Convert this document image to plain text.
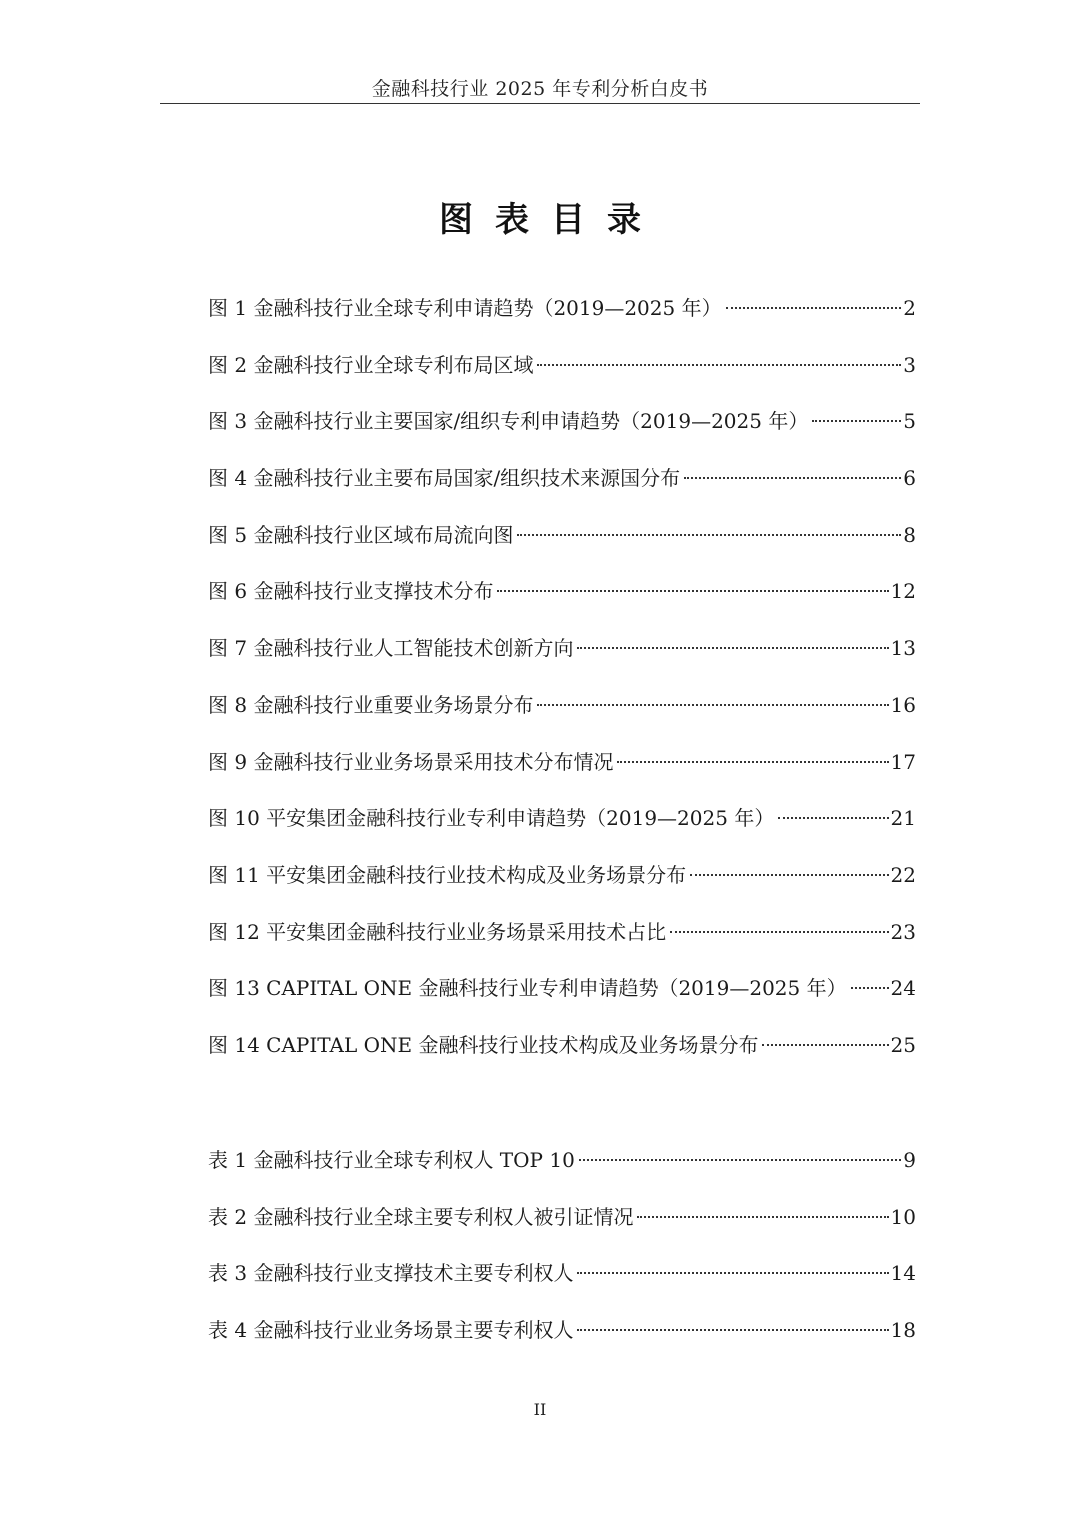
金融科技行业 2025 年专利分析白皮书
图表目录
图 1 金融科技行业全球专利申请趋势（2019—2025 年）	2
图 2 金融科技行业全球专利布局区域	3
图 3 金融科技行业主要国家/组织专利申请趋势（2019—2025 年）	5
图 4 金融科技行业主要布局国家/组织技术来源国分布	6
图 5 金融科技行业区域布局流向图	8
图 6 金融科技行业支撑技术分布	12
图 7 金融科技行业人工智能技术创新方向	13
图 8 金融科技行业重要业务场景分布	16
图 9 金融科技行业业务场景采用技术分布情况	17
图 10 平安集团金融科技行业专利申请趋势（2019—2025 年）	21
图 11 平安集团金融科技行业技术构成及业务场景分布	22
图 12 平安集团金融科技行业业务场景采用技术占比	23
图 13 CAPITAL ONE 金融科技行业专利申请趋势（2019—2025 年） 24
图 14 CAPITAL ONE 金融科技行业技术构成及业务场景分布	25
表 1 金融科技行业全球专利权人 TOP 10	9
表 2 金融科技行业全球主要专利权人被引证情况	10
表 3 金融科技行业支撑技术主要专利权人	14
表 4 金融科技行业业务场景主要专利权人	18
II
